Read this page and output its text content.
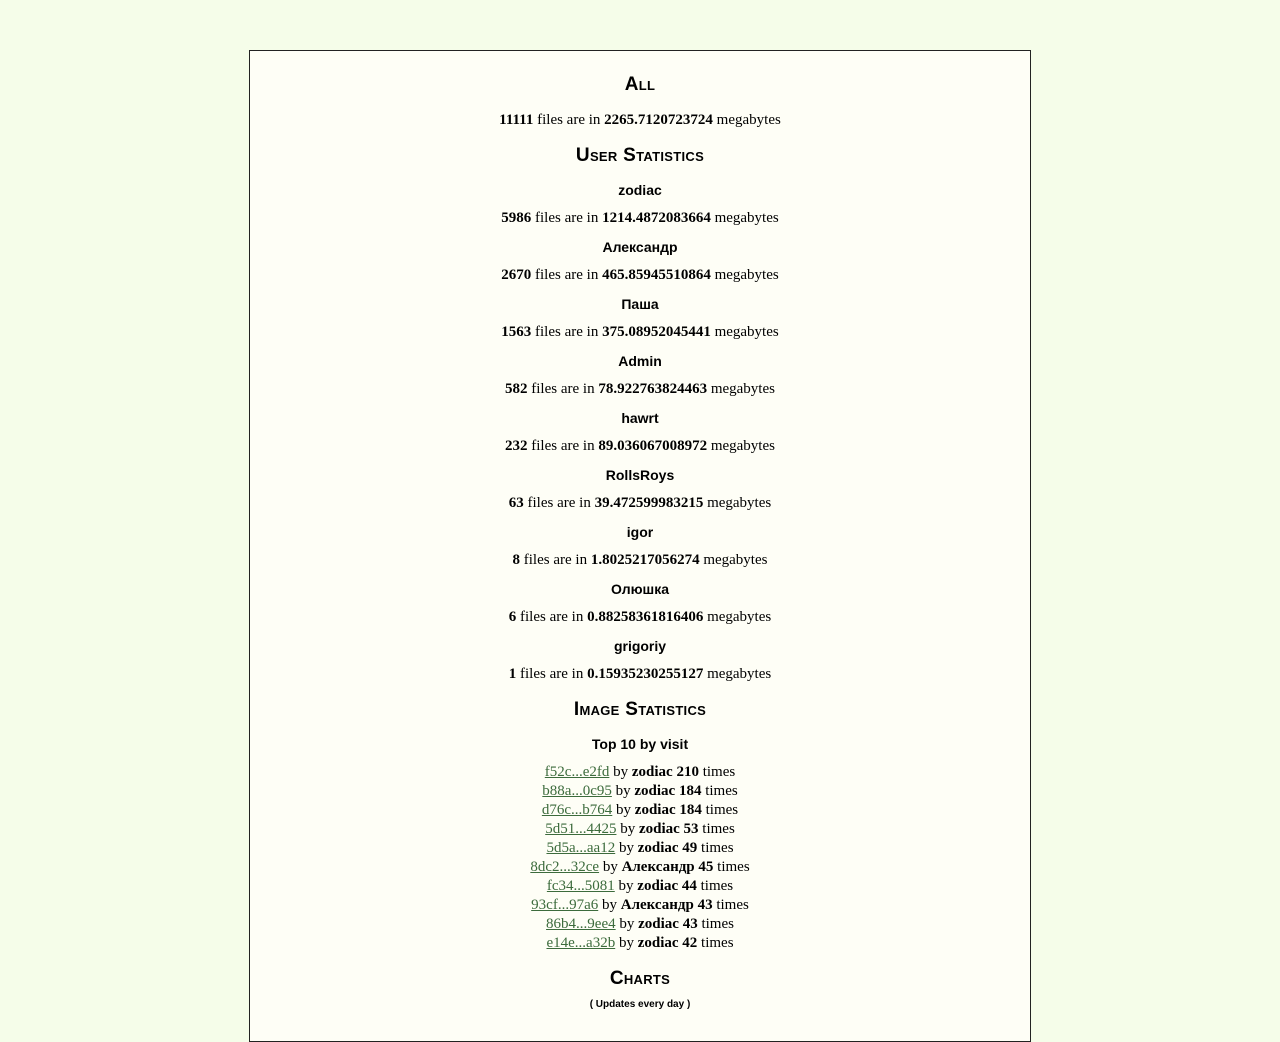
All

11111 files are in 2265.7120723724 megabytes

User Statistics

zodiac

5986 files are in 1214.4872083664 megabytes

Александр

2670 files are in 465.85945510864 megabytes

Паша

1563 files are in 375.08952045441 megabytes

Admin

582 files are in 78.922763824463 megabytes

hawrt

232 files are in 89.036067008972 megabytes

RollsRoys

63 files are in 39.472599983215 megabytes

igor

8 files are in 1.8025217056274 megabytes

Олюшка

6 files are in 0.88258361816406 megabytes

grigoriy

1 files are in 0.15935230255127 megabytes

Image Statistics

Top 10 by visit

f52c...e2fd by zodiac 210 times
b88a...0c95 by zodiac 184 times
d76c...b764 by zodiac 184 times
5d51...4425 by zodiac 53 times
5d5a...aa12 by zodiac 49 times
8dc2...32ce by Александр 45 times
fc34...5081 by zodiac 44 times
93cf...97a6 by Александр 43 times
86b4...9ee4 by zodiac 43 times
e14e...a32b by zodiac 42 times
Charts

( Updates every day )
